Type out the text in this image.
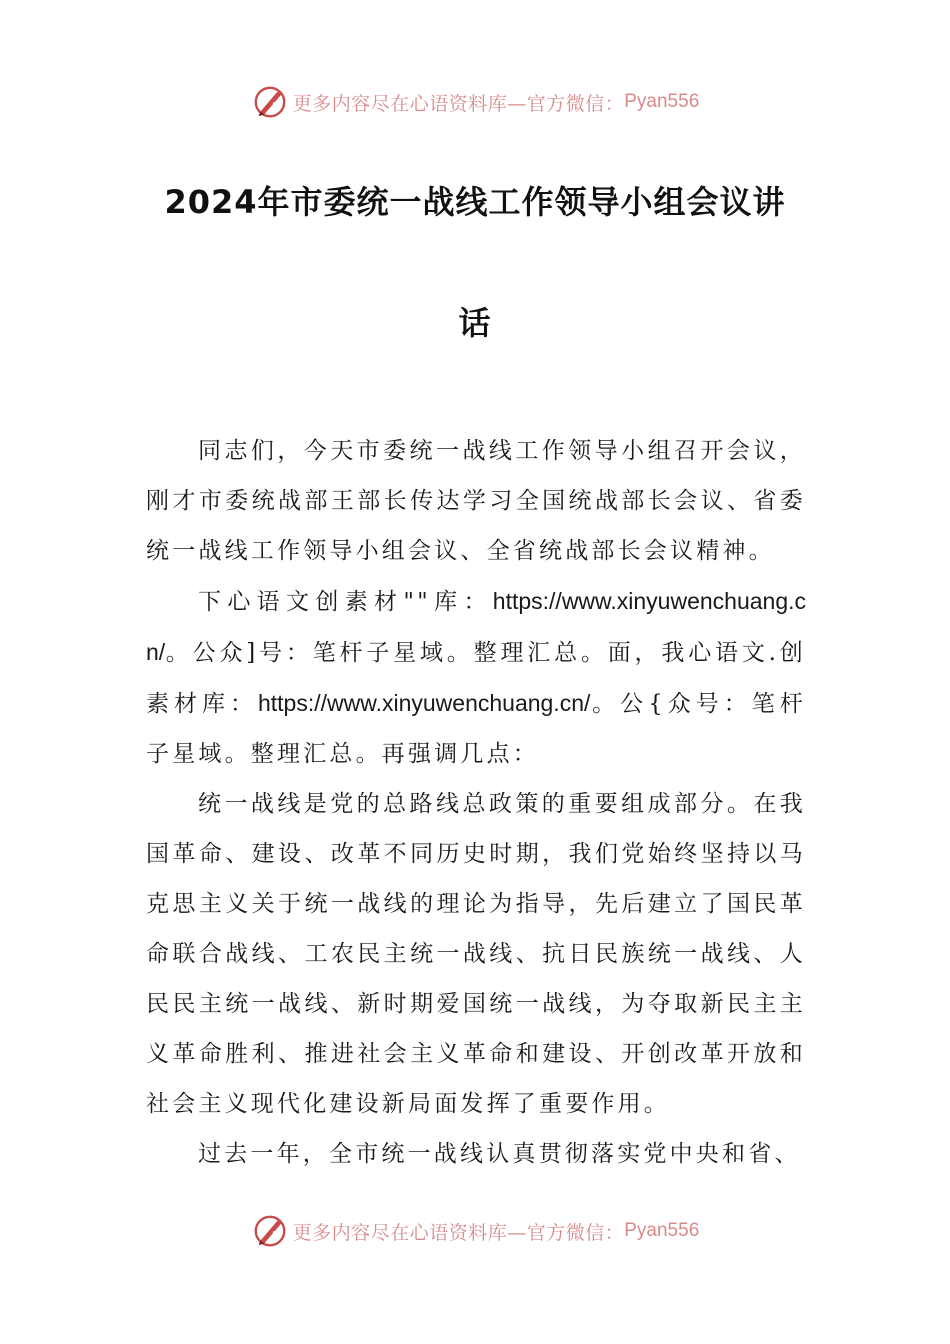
更多内容尽在心语资料库—官方微信： Pyan556
2024年市委统一战线工作领导小组会议讲
话

同志们，今天市委统一战线工作领导小组召开会议，刚才市委统战部王部长传达学习全国统战部长会议、省委统一战线工作领导小组会议、全省统战部长会议精神。

下心语文创素材""库：https://www.xinyuwenchuang.cn/。公众]号：笔杆子星域。整理汇总。面，我心语文.创素材库：https://www.xinyuwenchuang.cn/。公{众号：笔杆子星域。整理汇总。再强调几点：

统一战线是党的总路线总政策的重要组成部分。在我国革命、建设、改革不同历史时期，我们党始终坚持以马克思主义关于统一战线的理论为指导，先后建立了国民革命联合战线、工农民主统一战线、抗日民族统一战线、人民民主统一战线、新时期爱国统一战线，为夺取新民主主义革命胜利、推进社会主义革命和建设、开创改革开放和社会主义现代化建设新局面发挥了重要作用。

过去一年，全市统一战线认真贯彻落实党中央和省、

更多内容尽在心语资料库—官方微信： Pyan556
